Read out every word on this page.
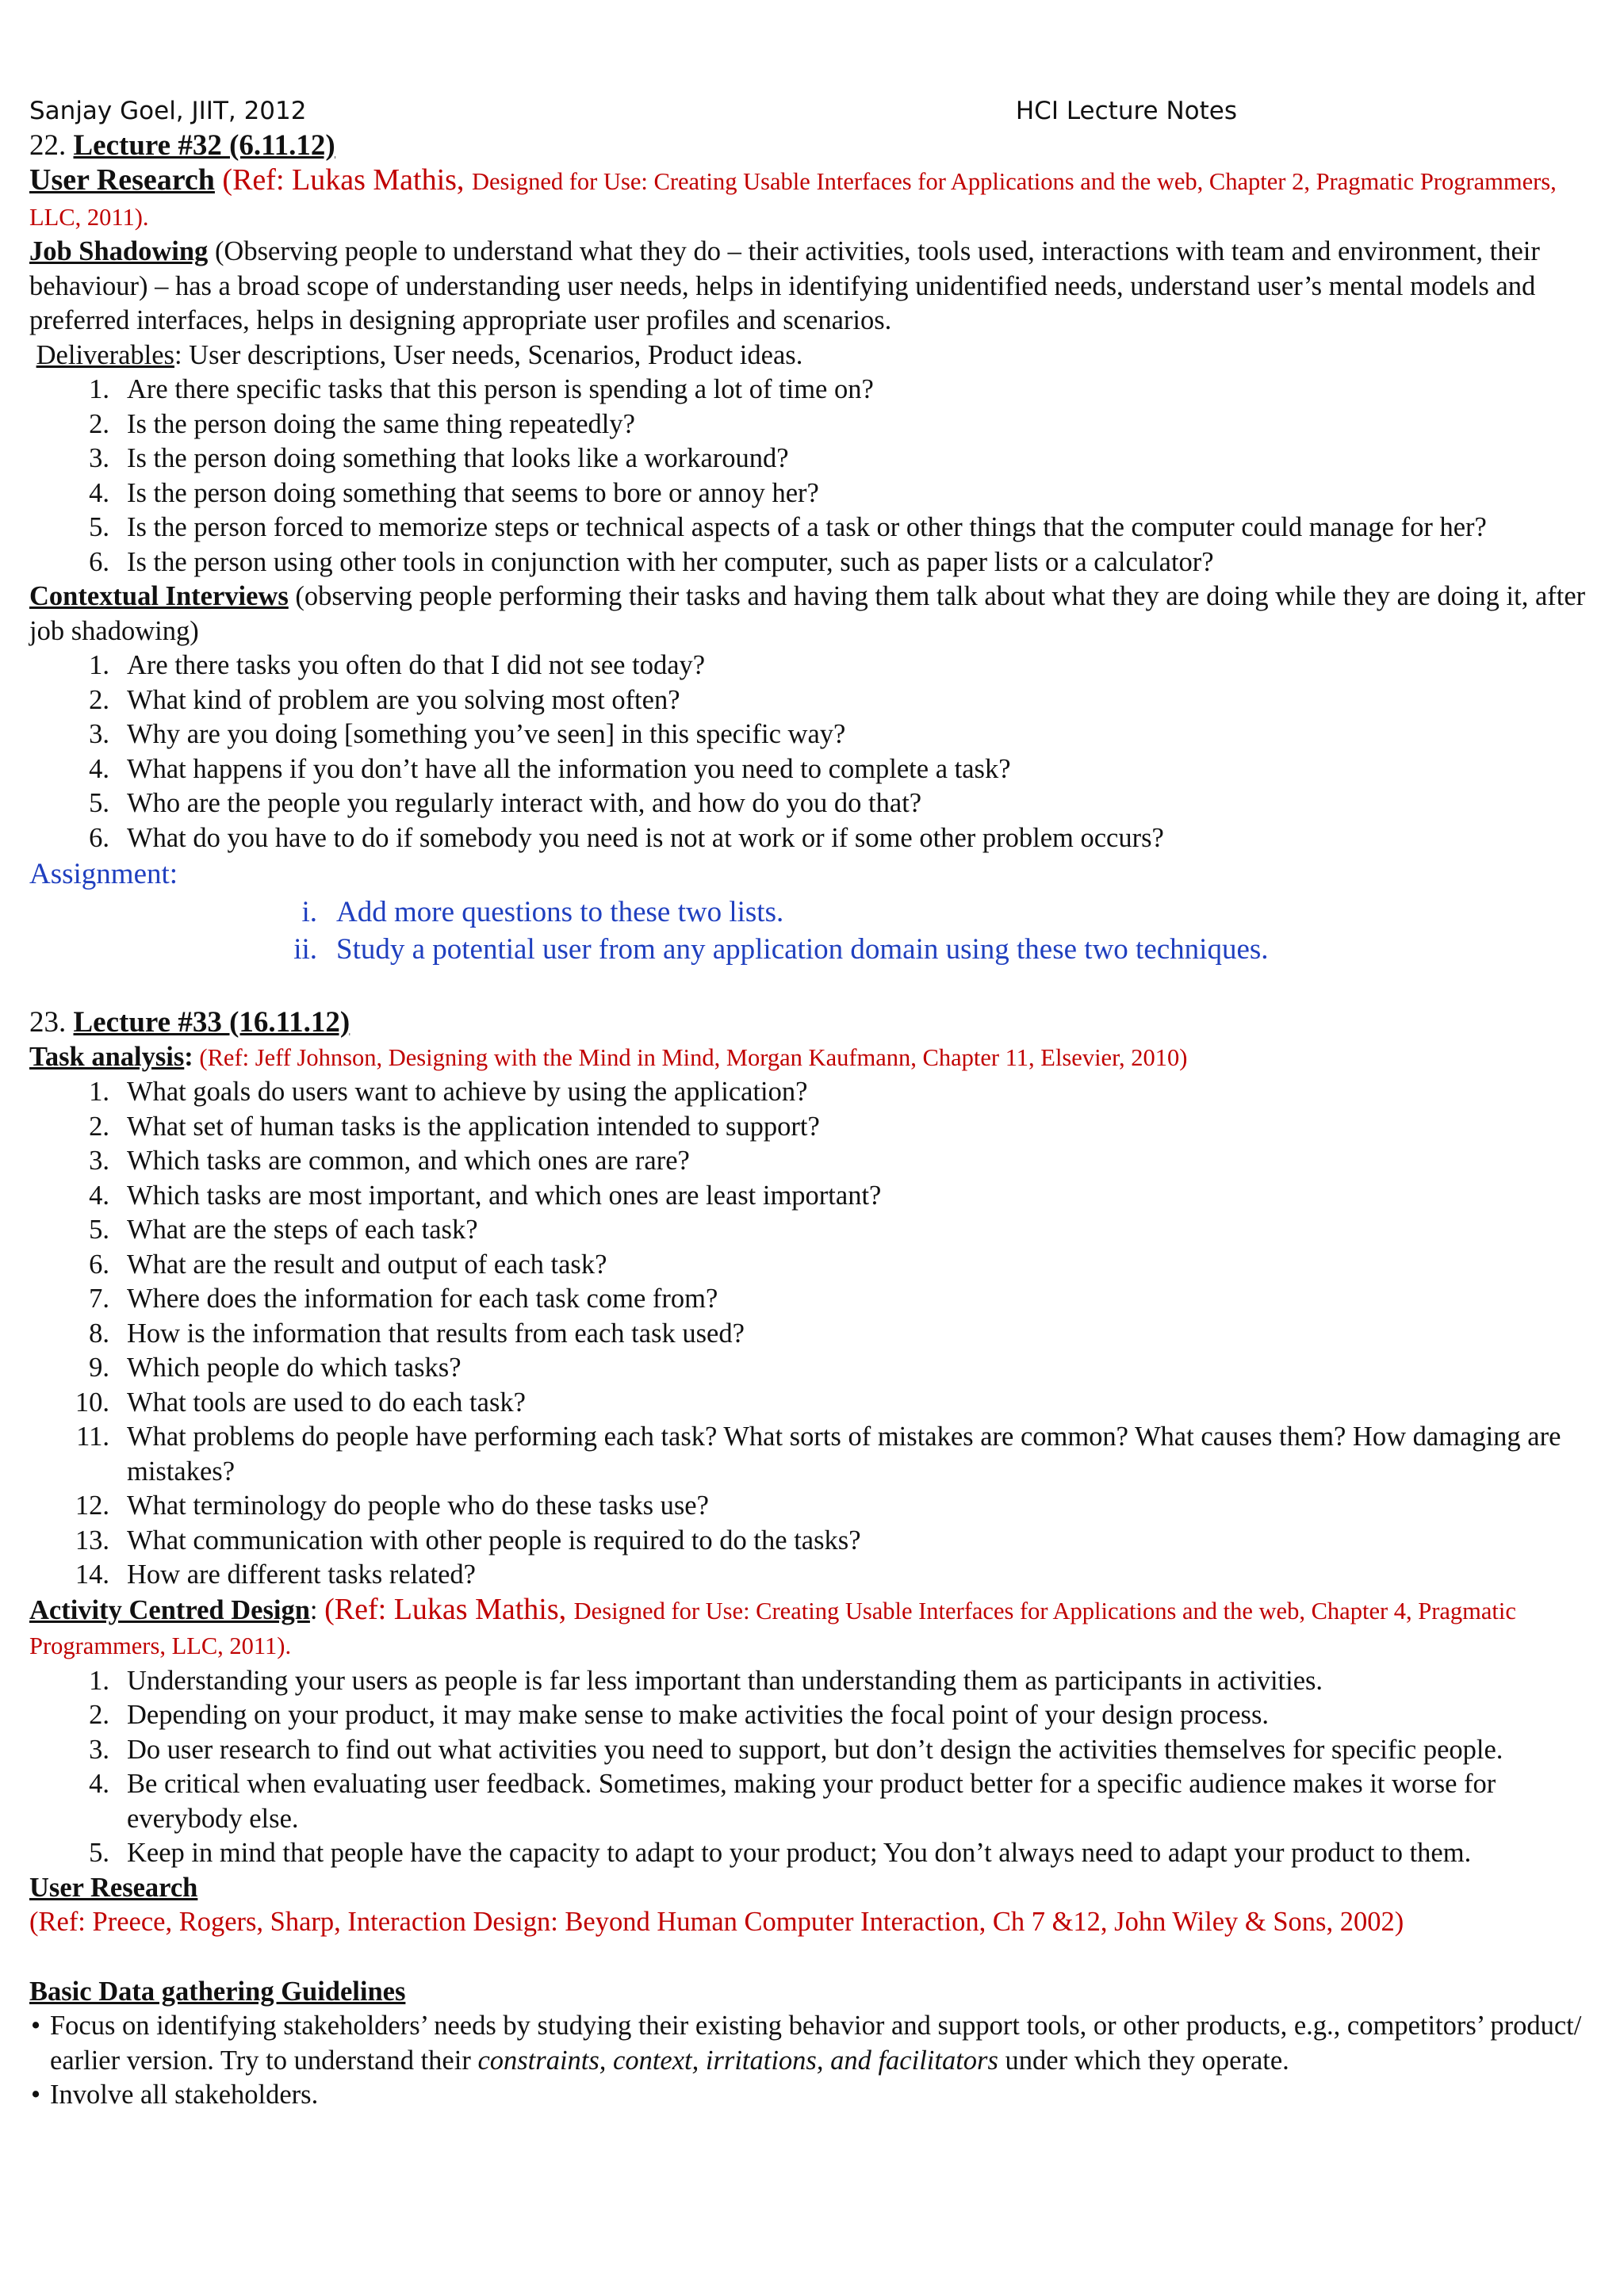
Sanjay Goel, JIIT, 2012	HCI Lecture Notes

22. Lecture #32 (6.11.12)

User Research (Ref: Lukas Mathis, Designed for Use: Creating Usable Interfaces for Applications and the web, Chapter 2, Pragmatic Programmers, LLC, 2011).

Job Shadowing (Observing people to understand what they do – their activities, tools used, interactions with team and environment, their behaviour) – has a broad scope of understanding user needs, helps in identifying unidentified needs, understand user’s mental models and preferred interfaces, helps in designing appropriate user profiles and scenarios.

Deliverables: User descriptions, User needs, Scenarios, Product ideas.

1. Are there specific tasks that this person is spending a lot of time on?
2. Is the person doing the same thing repeatedly?
3. Is the person doing something that looks like a workaround?
4. Is the person doing something that seems to bore or annoy her?
5. Is the person forced to memorize steps or technical aspects of a task or other things that the computer could manage for her?
6. Is the person using other tools in conjunction with her computer, such as paper lists or a calculator?

Contextual Interviews (observing people performing their tasks and having them talk about what they are doing while they are doing it, after job shadowing)

1. Are there tasks you often do that I did not see today?
2. What kind of problem are you solving most often?
3. Why are you doing [something you’ve seen] in this specific way?
4. What happens if you don’t have all the information you need to complete a task?
5. Who are the people you regularly interact with, and how do you do that?
6. What do you have to do if somebody you need is not at work or if some other problem occurs?

Assignment:

i. Add more questions to these two lists.
ii. Study a potential user from any application domain using these two techniques.

23. Lecture #33 (16.11.12)

Task analysis: (Ref: Jeff Johnson, Designing with the Mind in Mind, Morgan Kaufmann, Chapter 11, Elsevier, 2010)

1. What goals do users want to achieve by using the application?
2. What set of human tasks is the application intended to support?
3. Which tasks are common, and which ones are rare?
4. Which tasks are most important, and which ones are least important?
5. What are the steps of each task?
6. What are the result and output of each task?
7. Where does the information for each task come from?
8. How is the information that results from each task used?
9. Which people do which tasks?
10. What tools are used to do each task?
11. What problems do people have performing each task? What sorts of mistakes are common? What causes them? How damaging are mistakes?
12. What terminology do people who do these tasks use?
13. What communication with other people is required to do the tasks?
14. How are different tasks related?

Activity Centred Design: (Ref: Lukas Mathis, Designed for Use: Creating Usable Interfaces for Applications and the web, Chapter 4, Pragmatic Programmers, LLC, 2011).

1. Understanding your users as people is far less important than understanding them as participants in activities.
2. Depending on your product, it may make sense to make activities the focal point of your design process.
3. Do user research to find out what activities you need to support, but don’t design the activities themselves for specific people.
4. Be critical when evaluating user feedback. Sometimes, making your product better for a specific audience makes it worse for everybody else.
5. Keep in mind that people have the capacity to adapt to your product; You don’t always need to adapt your product to them.

User Research

(Ref: Preece, Rogers, Sharp, Interaction Design: Beyond Human Computer Interaction, Ch 7 &12, John Wiley & Sons, 2002)

Basic Data gathering Guidelines

• Focus on identifying stakeholders’ needs by studying their existing behavior and support tools, or other products, e.g., competitors’ product/ earlier version. Try to understand their constraints, context, irritations, and facilitators under which they operate.
• Involve all stakeholders.
